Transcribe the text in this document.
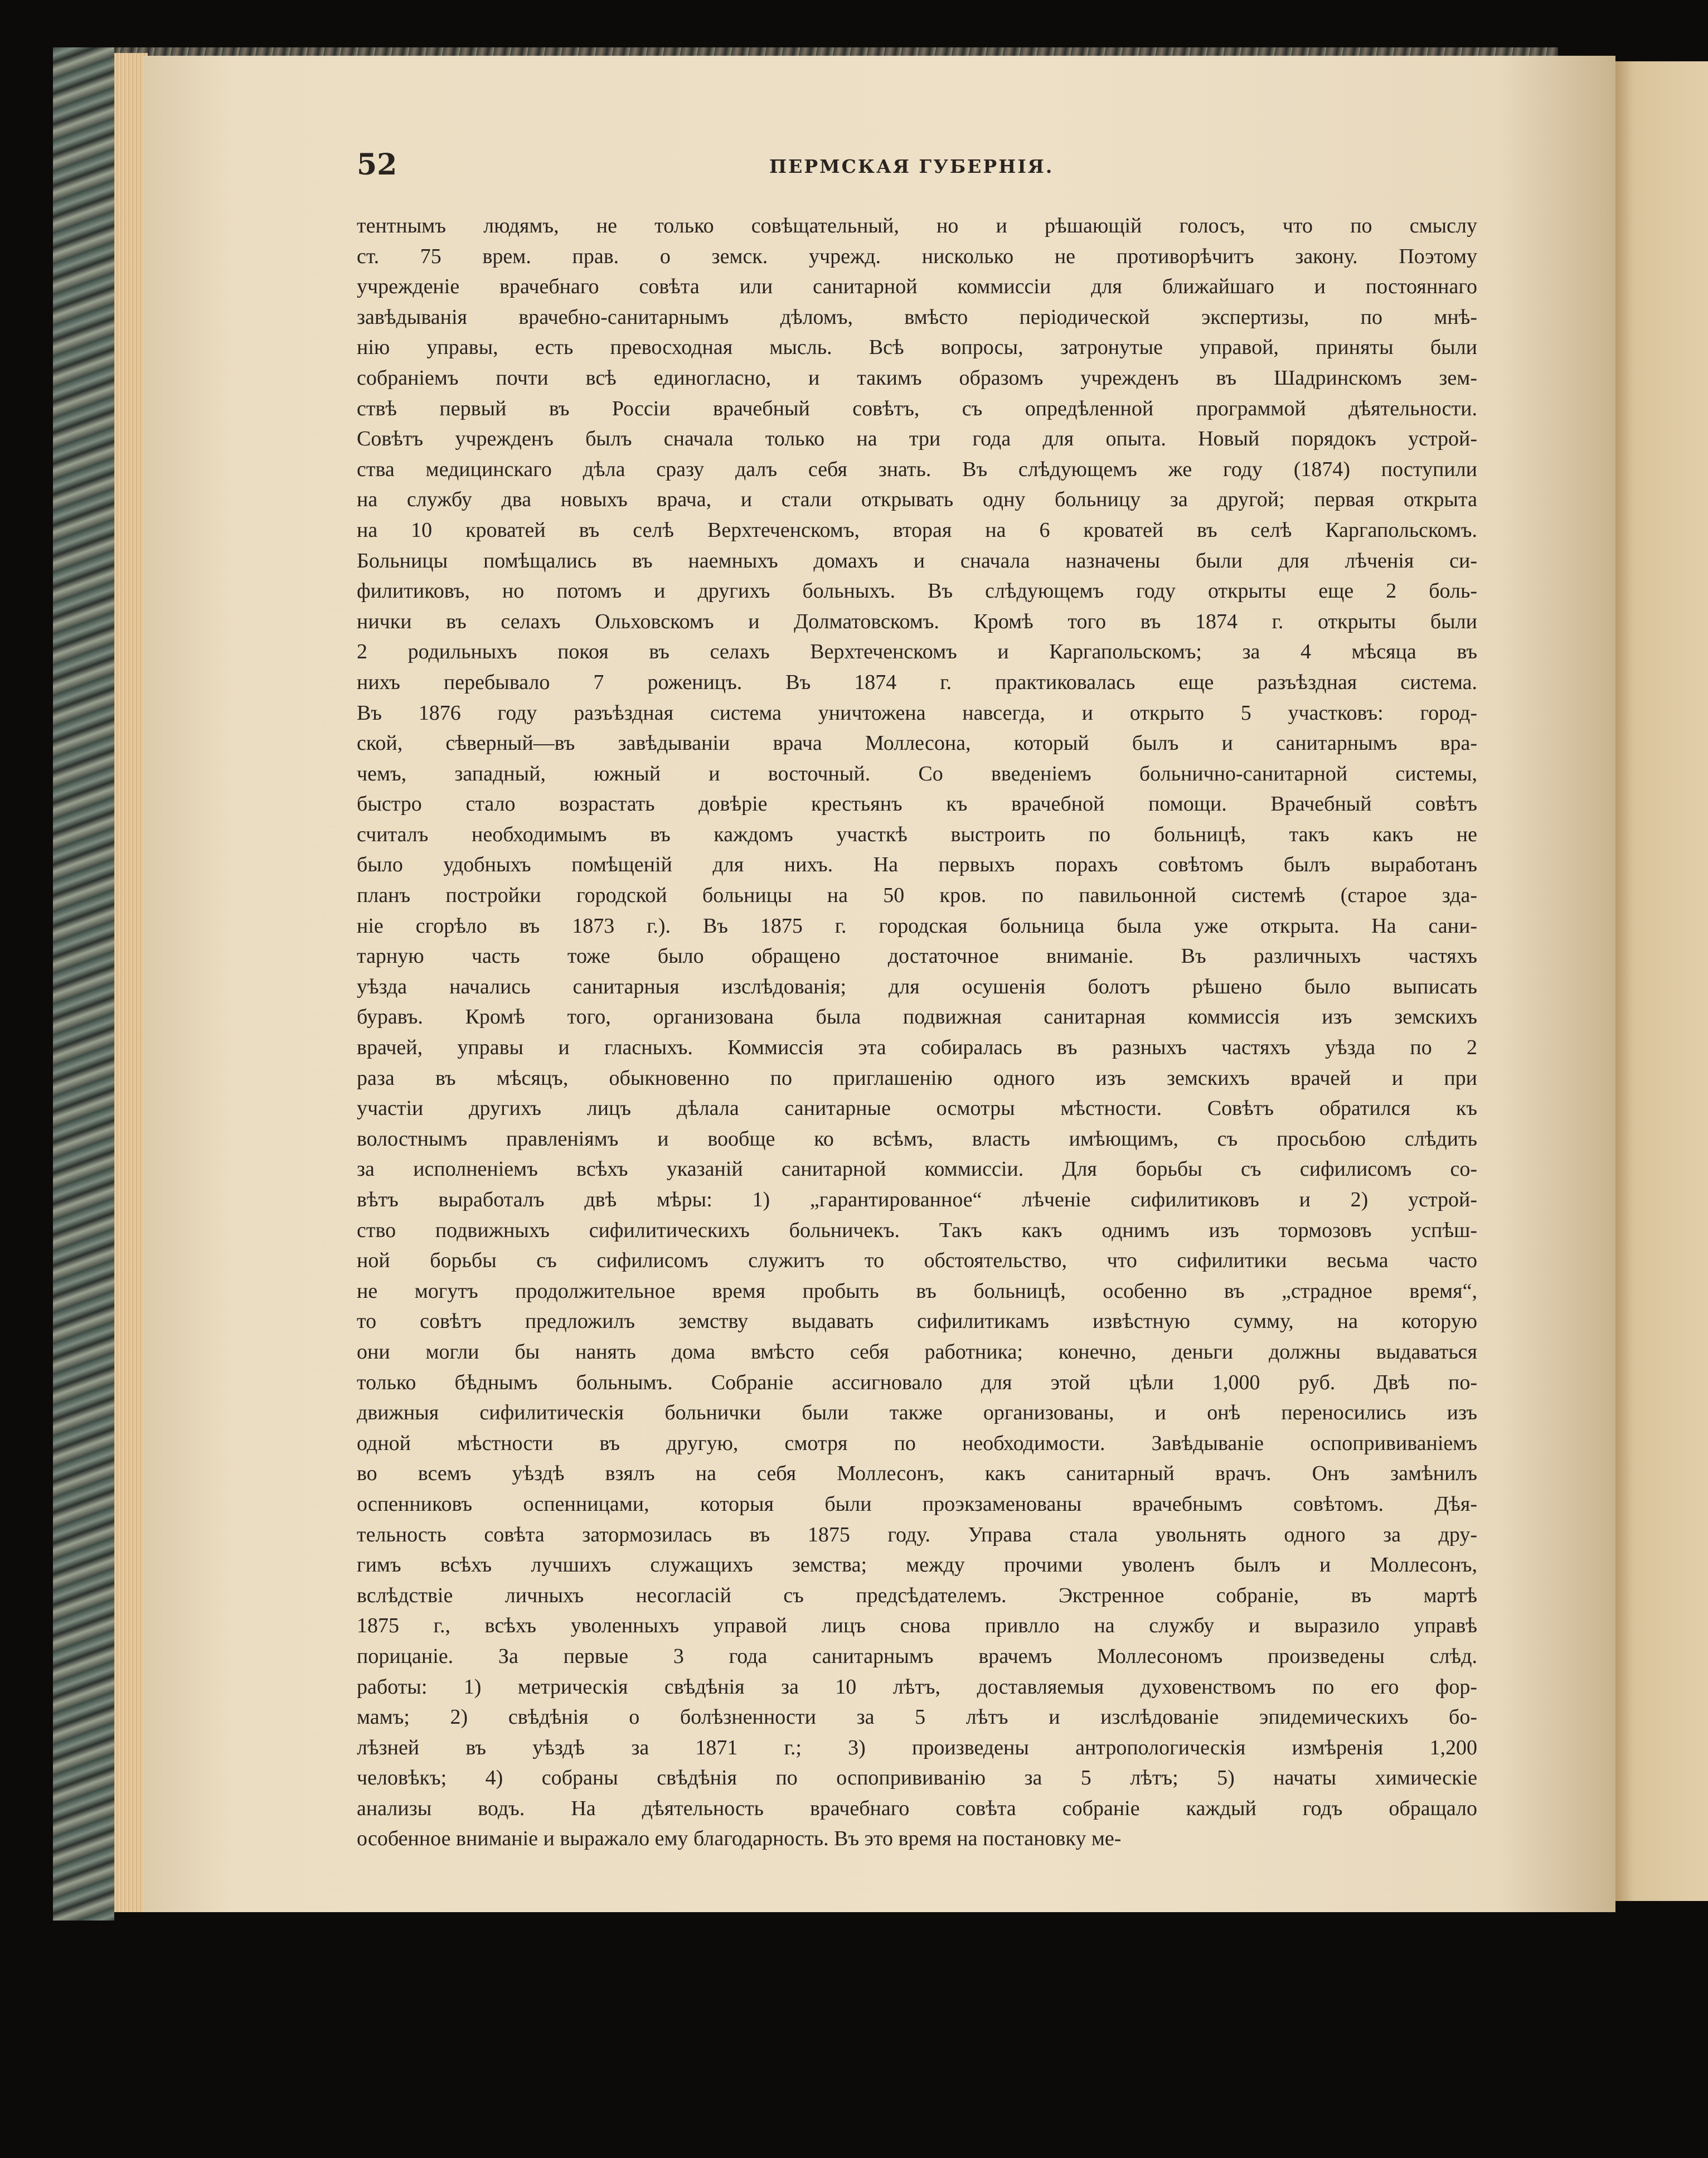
52	ПЕРМСКАЯ ГУБЕРНІЯ.
тентнымъ людямъ, не только совѣщательный, но и рѣшающій голосъ, что по смыслу
ст. 75 врем. прав. о земск. учрежд. нисколько не противорѣчитъ закону. Поэтому
учрежденіе врачебнаго совѣта или санитарной коммиссіи для ближайшаго и постояннаго
завѣдыванія врачебно-санитарнымъ дѣломъ, вмѣсто періодической экспертизы, по мнѣ-
нію управы, есть превосходная мысль. Всѣ вопросы, затронутые управой, приняты были
собраніемъ почти всѣ единогласно, и такимъ образомъ учрежденъ въ Шадринскомъ зем-
ствѣ первый въ Россіи врачебный совѣтъ, съ опредѣленной программой дѣятельности.
Совѣтъ учрежденъ былъ сначала только на три года для опыта. Новый порядокъ устрой-
ства медицинскаго дѣла сразу далъ себя знать. Въ слѣдующемъ же году (1874) поступили
на службу два новыхъ врача, и стали открывать одну больницу за другой; первая открыта
на 10 кроватей въ селѣ Верхтеченскомъ, вторая на 6 кроватей въ селѣ Каргапольскомъ.
Больницы помѣщались въ наемныхъ домахъ и сначала назначены были для лѣченія си-
филитиковъ, но потомъ и другихъ больныхъ. Въ слѣдующемъ году открыты еще 2 боль-
нички въ селахъ Ольховскомъ и Долматовскомъ. Кромѣ того въ 1874 г. открыты были
2 родильныхъ покоя въ селахъ Верхтеченскомъ и Каргапольскомъ; за 4 мѣсяца въ
нихъ перебывало 7 роженицъ. Въ 1874 г. практиковалась еще разъѣздная система.
Въ 1876 году разъѣздная система уничтожена навсегда, и открыто 5 участковъ: город-
ской, сѣверный—въ завѣдываніи врача Моллесона, который былъ и санитарнымъ вра-
чемъ, западный, южный и восточный. Со введеніемъ больнично-санитарной системы,
быстро стало возрастать довѣріе крестьянъ къ врачебной помощи. Врачебный совѣтъ
считалъ необходимымъ въ каждомъ участкѣ выстроить по больницѣ, такъ какъ не
было удобныхъ помѣщеній для нихъ. На первыхъ порахъ совѣтомъ былъ выработанъ
планъ постройки городской больницы на 50 кров. по павильонной системѣ (старое зда-
ніе сгорѣло въ 1873 г.). Въ 1875 г. городская больница была уже открыта. На сани-
тарную часть тоже было обращено достаточное вниманіе. Въ различныхъ частяхъ
уѣзда начались санитарныя изслѣдованія; для осушенія болотъ рѣшено было выписать
буравъ. Кромѣ того, организована была подвижная санитарная коммиссія изъ земскихъ
врачей, управы и гласныхъ. Коммиссія эта собиралась въ разныхъ частяхъ уѣзда по 2
раза въ мѣсяцъ, обыкновенно по приглашенію одного изъ земскихъ врачей и при
участіи другихъ лицъ дѣлала санитарные осмотры мѣстности. Совѣтъ обратился къ
волостнымъ правленіямъ и вообще ко всѣмъ, власть имѣющимъ, съ просьбою слѣдить
за исполненіемъ всѣхъ указаній санитарной коммиссіи. Для борьбы съ сифилисомъ со-
вѣтъ выработалъ двѣ мѣры: 1) „гарантированное“ лѣченіе сифилитиковъ и 2) устрой-
ство подвижныхъ сифилитическихъ больничекъ. Такъ какъ однимъ изъ тормозовъ успѣш-
ной борьбы съ сифилисомъ служитъ то обстоятельство, что сифилитики весьма часто
не могутъ продолжительное время пробыть въ больницѣ, особенно въ „страдное время“,
то совѣтъ предложилъ земству выдавать сифилитикамъ извѣстную сумму, на которую
они могли бы нанять дома вмѣсто себя работника; конечно, деньги должны выдаваться
только бѣднымъ больнымъ. Собраніе ассигновало для этой цѣли 1,000 руб. Двѣ по-
движныя сифилитическія больнички были также организованы, и онѣ переносились изъ
одной мѣстности въ другую, смотря по необходимости. Завѣдываніе оспопрививаніемъ
во всемъ уѣздѣ взялъ на себя Моллесонъ, какъ санитарный врачъ. Онъ замѣнилъ
оспенниковъ оспенницами, которыя были проэкзаменованы врачебнымъ совѣтомъ. Дѣя-
тельность совѣта затормозилась въ 1875 году. Управа стала увольнять одного за дру-
гимъ всѣхъ лучшихъ служащихъ земства; между прочими уволенъ былъ и Моллесонъ,
вслѣдствіе личныхъ несогласій съ предсѣдателемъ. Экстренное собраніе, въ мартѣ
1875 г., всѣхъ уволенныхъ управой лицъ снова привлло на службу и выразило управѣ
порицаніе. За первые 3 года санитарнымъ врачемъ Моллесономъ произведены слѣд.
работы: 1) метрическія свѣдѣнія за 10 лѣтъ, доставляемыя духовенствомъ по его фор-
мамъ; 2) свѣдѣнія о болѣзненности за 5 лѣтъ и изслѣдованіе эпидемическихъ бо-
лѣзней въ уѣздѣ за 1871 г.; 3) произведены антропологическія измѣренія 1,200
человѣкъ; 4) собраны свѣдѣнія по оспопрививанію за 5 лѣтъ; 5) начаты химическіе
анализы водъ. На дѣятельность врачебнаго совѣта собраніе каждый годъ обращало
особенное вниманіе и выражало ему благодарность. Въ это время на постановку ме-
